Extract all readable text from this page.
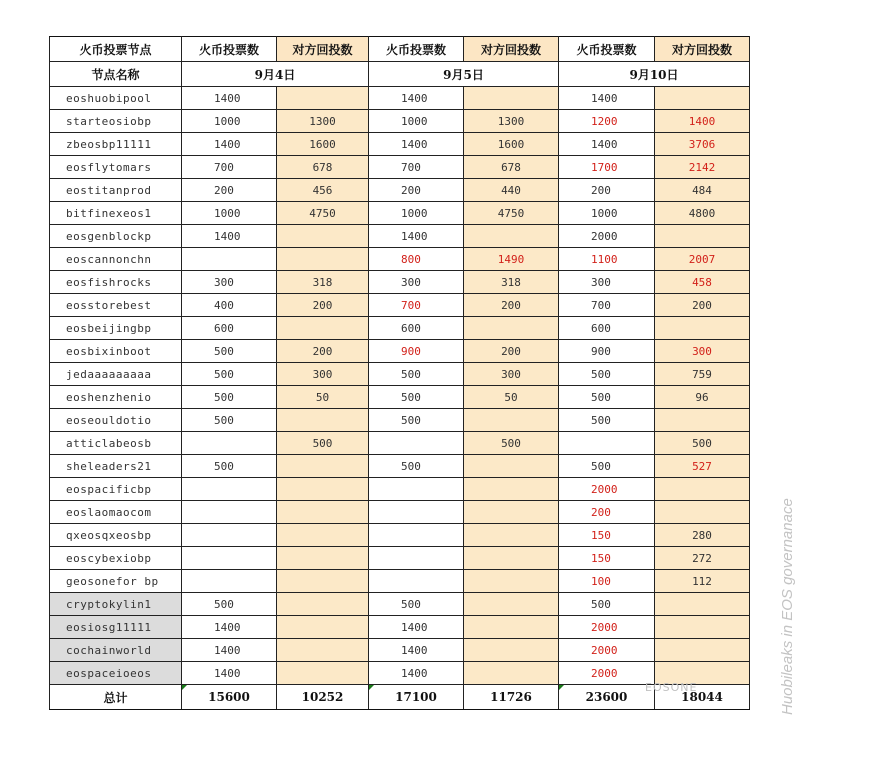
火币投票节点	火币投票数	对方回投数	火币投票数	对方回投数	火币投票数	对方回投数
节点名称	9月4日		9月5日		9月10日	
eoshuobipool	1400		1400		1400	
starteosiobp	1000	1300	1000	1300	1200	1400
zbeosbp11111	1400	1600	1400	1600	1400	3706
eosflytomars	700	678	700	678	1700	2142
eostitanprod	200	456	200	440	200	484
bitfinexeos1	1000	4750	1000	4750	1000	4800
eosgenblockp	1400		1400		2000	
eoscannonchn			800	1490	1100	2007
eosfishrocks	300	318	300	318	300	458
eosstorebest	400	200	700	200	700	200
eosbeijingbp	600		600		600	
eosbixinboot	500	200	900	200	900	300
jedaaaaaaaaa	500	300	500	300	500	759
eoshenzhenio	500	50	500	50	500	96
eoseouldotio	500		500		500	
atticlabeosb		500		500		500
sheleaders21	500		500		500	527
eospacificbp					2000	
eoslaomaocom					200	
qxeosqxeosbp					150	280
eoscybexiobp					150	272
geosonefor bp					100	112
cryptokylin1	500		500		500	
eosiosg11111	1400		1400		2000	
cochainworld	1400		1400		2000	
eospaceioeos	1400		1400		2000	
总计	15600	10252	17100	11726	23600	18044
EOSONE	Huobileaks in EOS governanace
